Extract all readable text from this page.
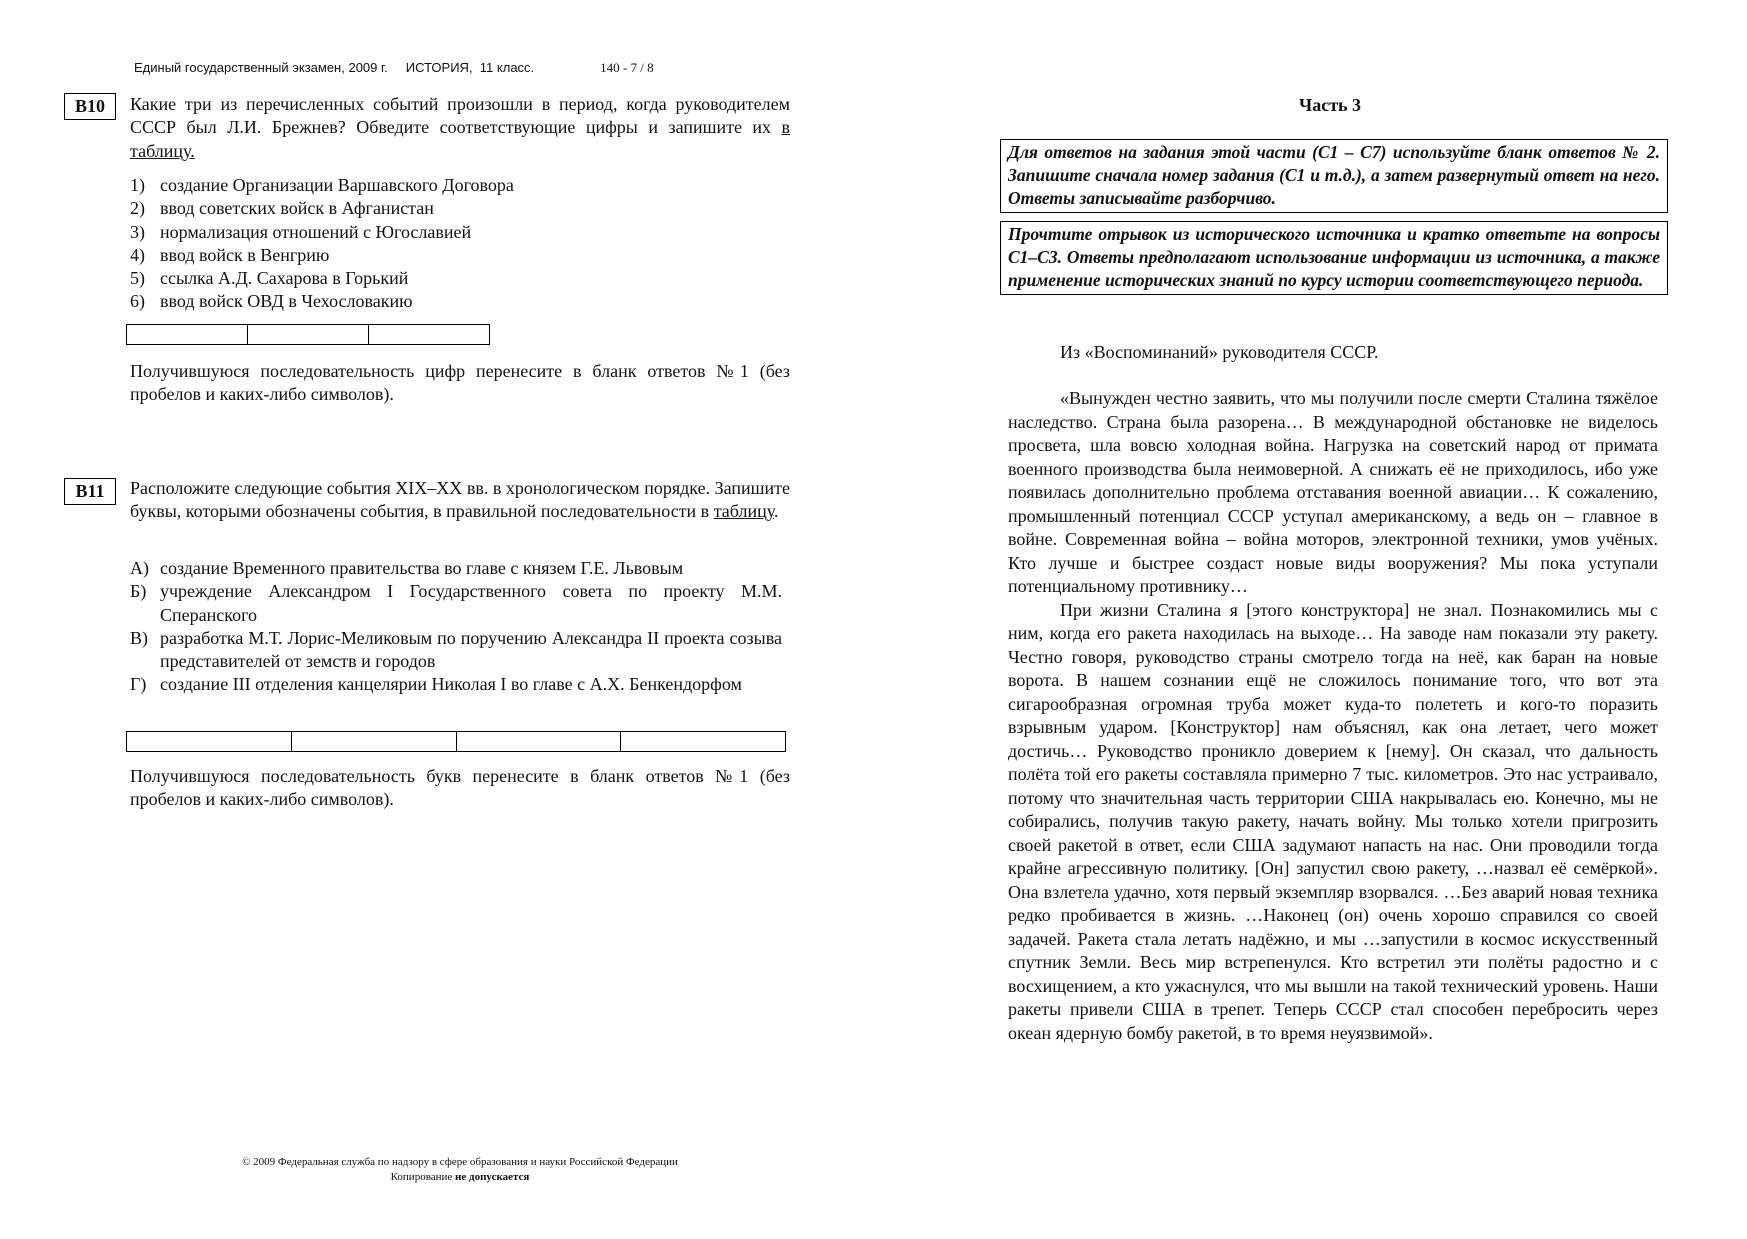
Единый государственный экзамен, 2009 г. ИСТОРИЯ, 11 класс.	140 - 7 / 8
В10	Какие три из перечисленных событий произошли в период, когда руководителем СССР был Л.И. Брежнев? Обведите соответствующие цифры и запишите их в таблицу.
1) создание Организации Варшавского Договора
2) ввод советских войск в Афганистан
3) нормализация отношений с Югославией
4) ввод войск в Венгрию
5) ссылка А.Д. Сахарова в Горький
6) ввод войск ОВД в Чехословакию
Получившуюся последовательность цифр перенесите в бланк ответов №1 (без пробелов и каких-либо символов).
В11	Расположите следующие события XIX–XX вв. в хронологическом порядке. Запишите буквы, которыми обозначены события, в правильной последовательности в таблицу.
А) создание Временного правительства во главе с князем Г.Е. Львовым
Б) учреждение Александром I Государственного совета по проекту М.М. Сперанского
В) разработка М.Т. Лорис-Меликовым по поручению Александра II проекта созыва представителей от земств и городов
Г) создание III отделения канцелярии Николая I во главе с А.Х. Бенкендорфом
Получившуюся последовательность букв перенесите в бланк ответов №1 (без пробелов и каких-либо символов).
© 2009 Федеральная служба по надзору в сфере образования и науки Российской Федерации
Копирование не допускается
Часть 3
Для ответов на задания этой части (С1 – С7) используйте бланк ответов № 2. Запишите сначала номер задания (С1 и т.д.), а затем развернутый ответ на него. Ответы записывайте разборчиво.
Прочтите отрывок из исторического источника и кратко ответьте на вопросы С1–С3. Ответы предполагают использование информации из источника, а также применение исторических знаний по курсу истории соответствующего периода.
Из «Воспоминаний» руководителя СССР.

«Вынужден честно заявить, что мы получили после смерти Сталина тяжёлое наследство. Страна была разорена… В международной обстановке не виделось просвета, шла вовсю холодная война. Нагрузка на советский народ от примата военного производства была неимоверной. А снижать её не приходилось, ибо уже появилась дополнительно проблема отставания военной авиации… К сожалению, промышленный потенциал СССР уступал американскому, а ведь он – главное в войне. Современная война – война моторов, электронной техники, умов учёных. Кто лучше и быстрее создаст новые виды вооружения? Мы пока уступали потенциальному противнику…

При жизни Сталина я [этого конструктора] не знал. Познакомились мы с ним, когда его ракета находилась на выходе… На заводе нам показали эту ракету. Честно говоря, руководство страны смотрело тогда на неё, как баран на новые ворота. В нашем сознании ещё не сложилось понимание того, что вот эта сигарообразная огромная труба может куда-то полететь и кого-то поразить взрывным ударом. [Конструктор] нам объяснял, как она летает, чего может достичь… Руководство проникло доверием к [нему]. Он сказал, что дальность полёта той его ракеты составляла примерно 7 тыс. километров. Это нас устраивало, потому что значительная часть территории США накрывалась ею. Конечно, мы не собирались, получив такую ракету, начать войну. Мы только хотели пригрозить своей ракетой в ответ, если США задумают напасть на нас. Они проводили тогда крайне агрессивную политику. [Он] запустил свою ракету, …назвал её семёркой». Она взлетела удачно, хотя первый экземпляр взорвался. …Без аварий новая техника редко пробивается в жизнь. …Наконец (он) очень хорошо справился со своей задачей. Ракета стала летать надёжно, и мы …запустили в космос искусственный спутник Земли. Весь мир встрепенулся. Кто встретил эти полёты радостно и с восхищением, а кто ужаснулся, что мы вышли на такой технический уровень. Наши ракеты привели США в трепет. Теперь СССР стал способен перебросить через океан ядерную бомбу ракетой, в то время неуязвимой».
